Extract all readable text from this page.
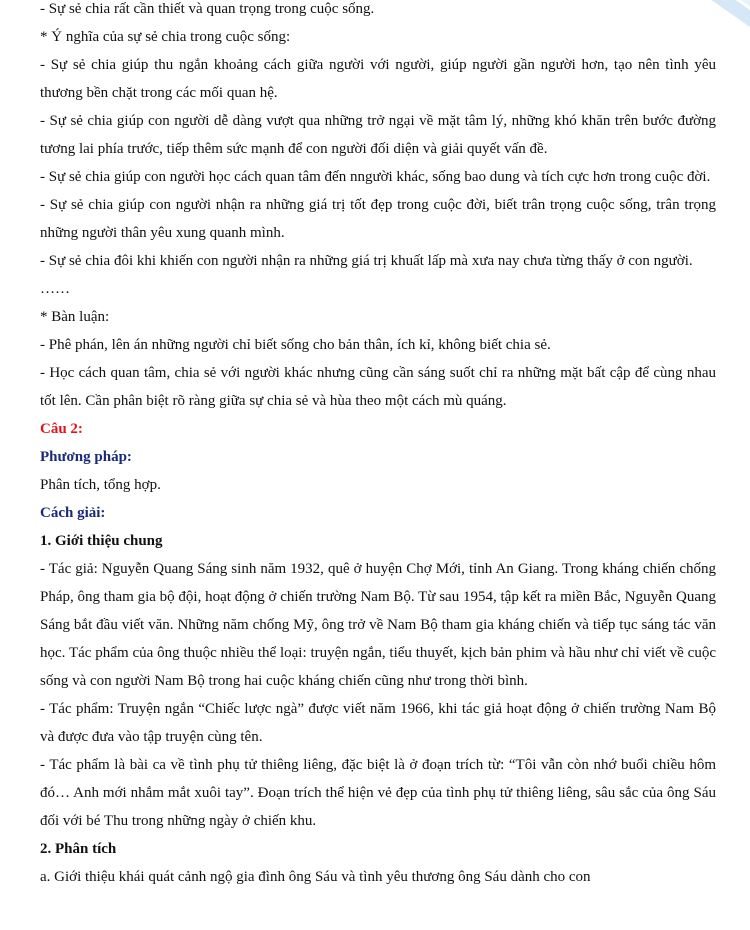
- Sự sẻ chia rất cần thiết và quan trọng trong cuộc sống.

* Ý nghĩa của sự sẻ chia trong cuộc sống:

- Sự sẻ chia giúp thu ngắn khoảng cách giữa người với người, giúp người gần người hơn, tạo nên tình yêu thương bền chặt trong các mối quan hệ.

- Sự sẻ chia giúp con người dễ dàng vượt qua những trở ngại về mặt tâm lý, những khó khăn trên bước đường tương lai phía trước, tiếp thêm sức mạnh để con người đối diện và giải quyết vấn đề.

- Sự sẻ chia giúp con người học cách quan tâm đến nngười khác, sống bao dung và tích cực hơn trong cuộc đời.

- Sự sẻ chia giúp con người nhận ra những giá trị tốt đẹp trong cuộc đời, biết trân trọng cuộc sống, trân trọng những người thân yêu xung quanh mình.

- Sự sẻ chia đôi khi khiến con người nhận ra những giá trị khuất lấp mà xưa nay chưa từng thấy ở con người.

……

* Bàn luận:

- Phê phán, lên án những người chỉ biết sống cho bản thân, ích kỉ, không biết chia sẻ.

- Học cách quan tâm, chia sẻ với người khác nhưng cũng cần sáng suốt chỉ ra những mặt bất cập để cùng nhau tốt lên. Cần phân biệt rõ ràng giữa sự chia sẻ và hùa theo một cách mù quáng.

Câu 2:

Phương pháp:

Phân tích, tổng hợp.

Cách giải:

1. Giới thiệu chung

- Tác giả: Nguyễn Quang Sáng sinh năm 1932, quê ở huyện Chợ Mới, tỉnh An Giang. Trong kháng chiến chống Pháp, ông tham gia bộ đội, hoạt động ở chiến trường Nam Bộ. Từ sau 1954, tập kết ra miền Bắc, Nguyễn Quang Sáng bắt đầu viết văn. Những năm chống Mỹ, ông trở về Nam Bộ tham gia kháng chiến và tiếp tục sáng tác văn học. Tác phẩm của ông thuộc nhiều thể loại: truyện ngắn, tiểu thuyết, kịch bản phim và hầu như chỉ viết về cuộc sống và con người Nam Bộ trong hai cuộc kháng chiến cũng như trong thời bình.

- Tác phẩm: Truyện ngắn “Chiếc lược ngà” được viết năm 1966, khi tác giả hoạt động ở chiến trường Nam Bộ và được đưa vào tập truyện cùng tên.

- Tác phẩm là bài ca về tình phụ tử thiêng liêng, đặc biệt là ở đoạn trích từ: “Tôi vẫn còn nhớ buổi chiều hôm đó… Anh mới nhắm mắt xuôi tay”. Đoạn trích thể hiện vẻ đẹp của tình phụ tử thiêng liêng, sâu sắc của ông Sáu đối với bé Thu trong những ngày ở chiến khu.

2. Phân tích

a. Giới thiệu khái quát cảnh ngộ gia đình ông Sáu và tình yêu thương ông Sáu dành cho con
